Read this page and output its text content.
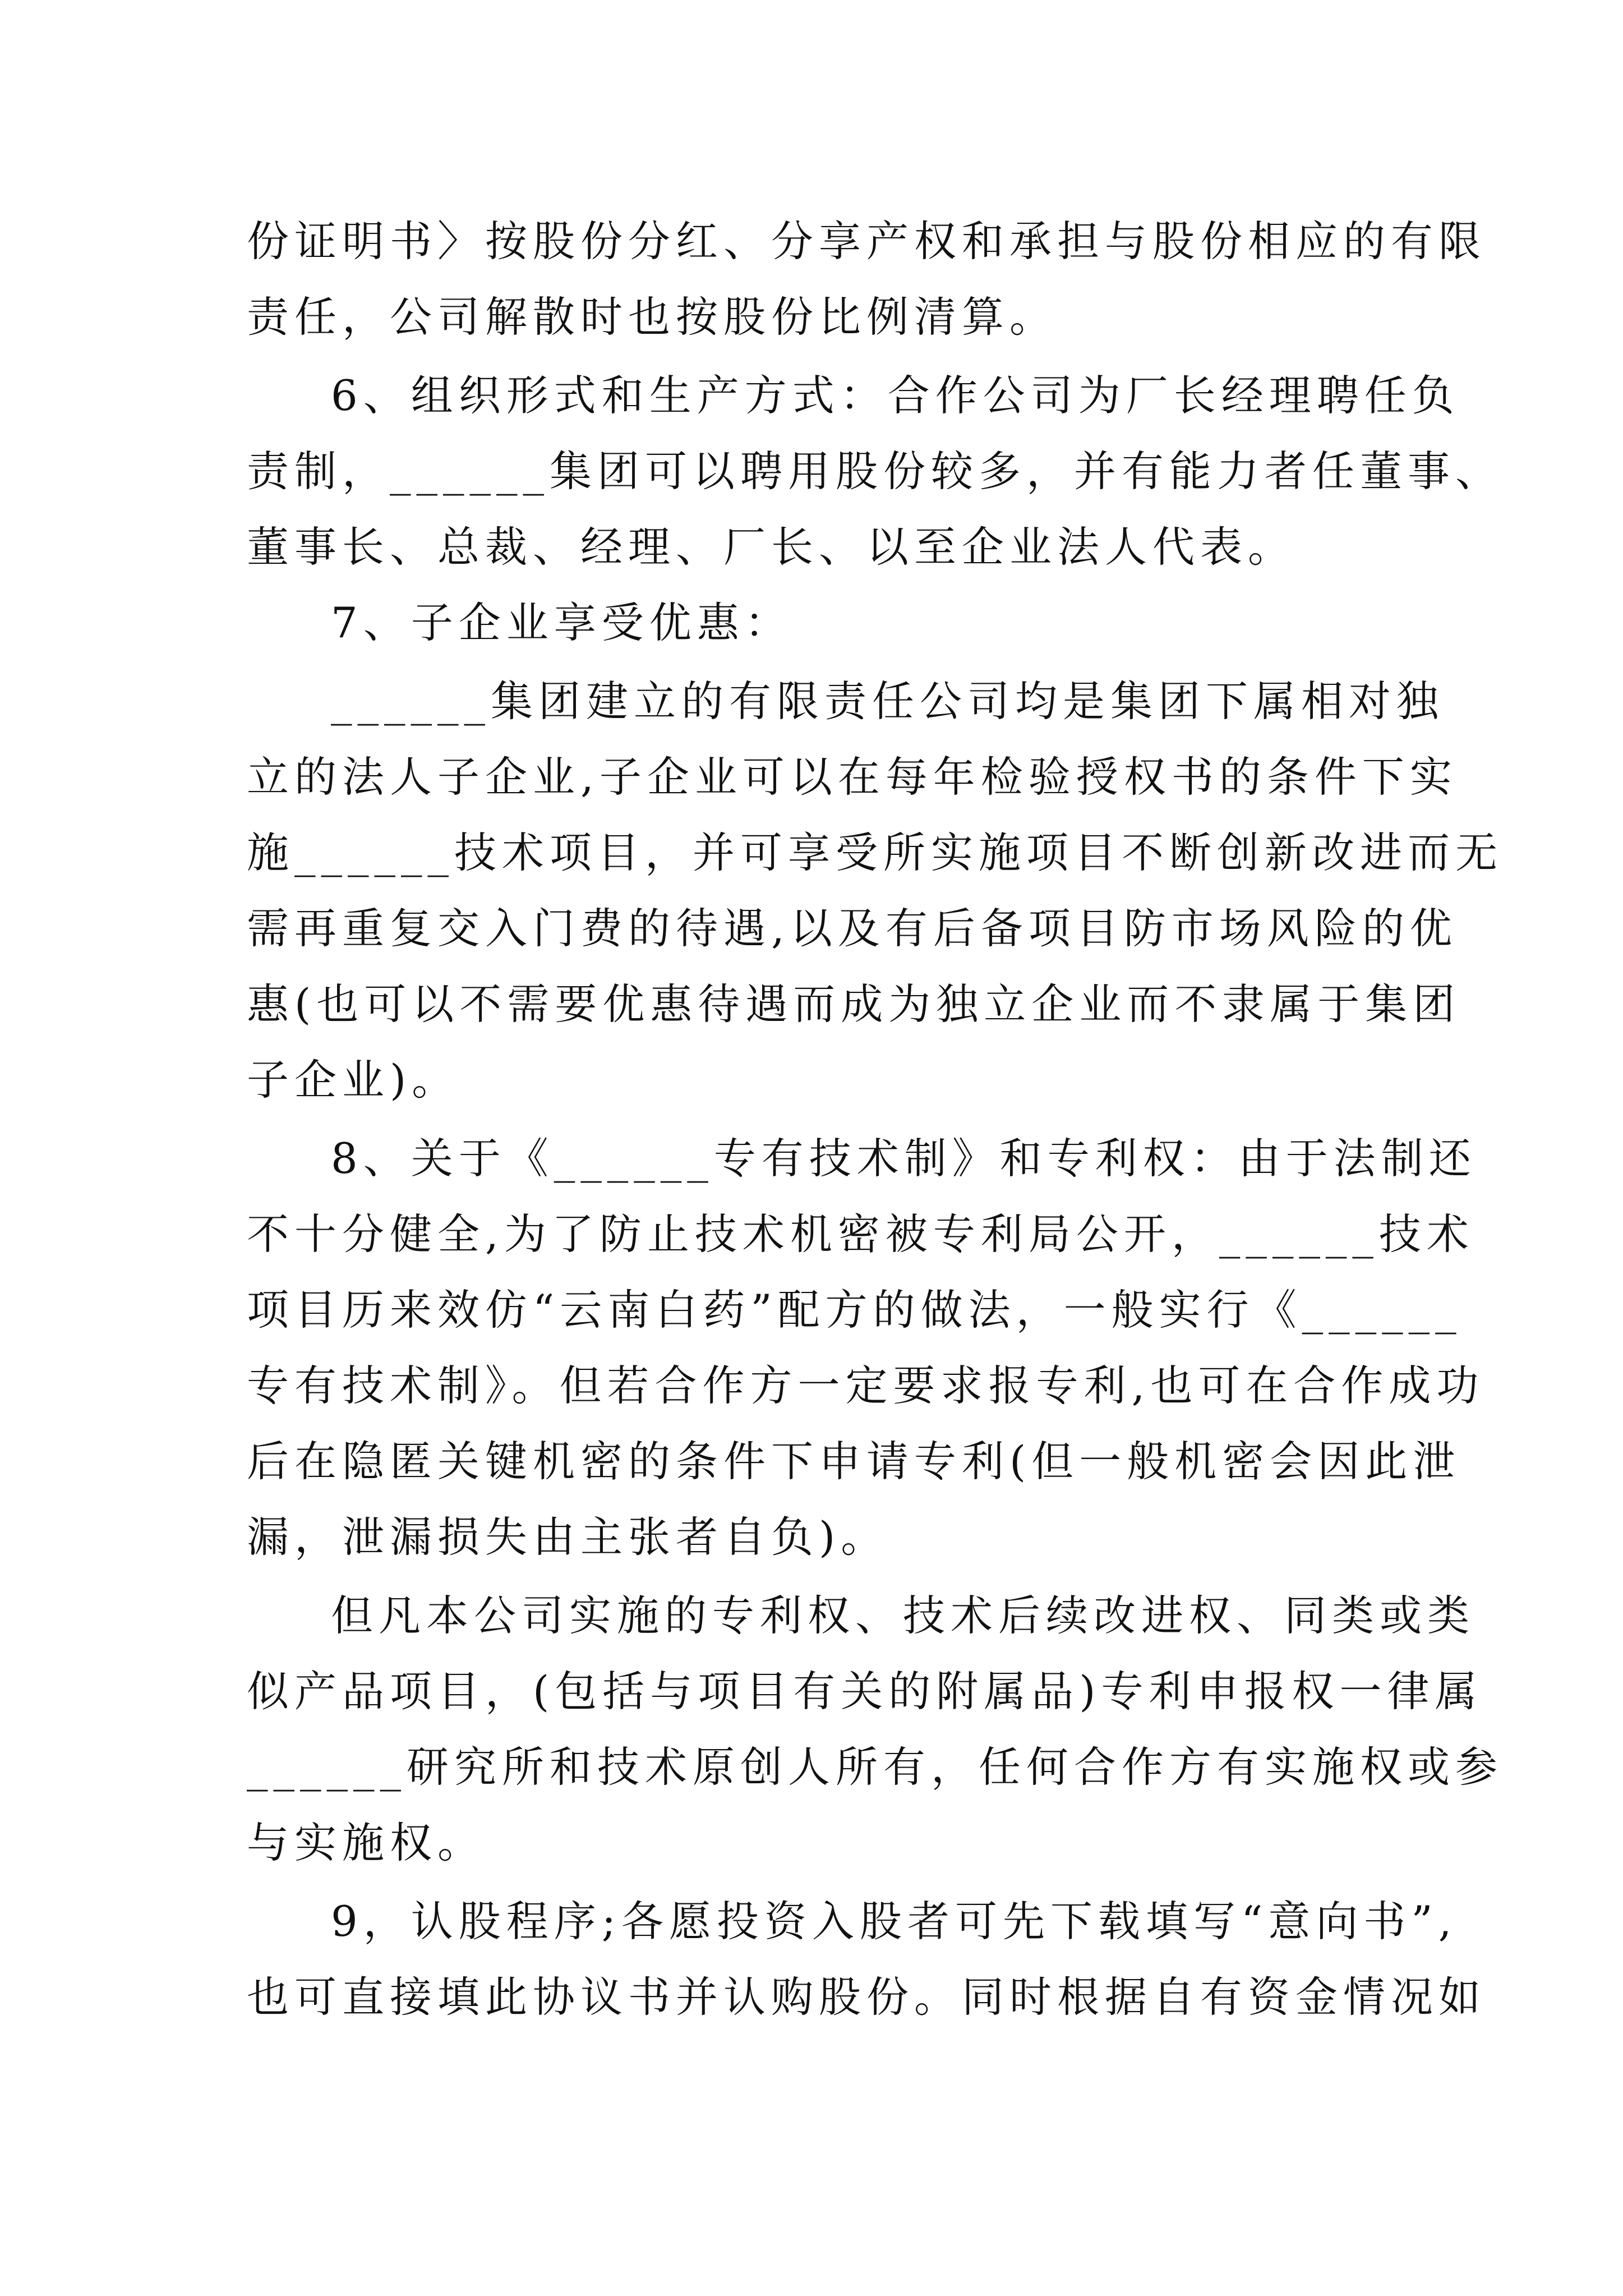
份证明书〉按股份分红、分享产权和承担与股份相应的有限
责任，公司解散时也按股份比例清算。
6、组织形式和生产方式：合作公司为厂长经理聘任负
责制，______集团可以聘用股份较多，并有能力者任董事、
董事长、总裁、经理、厂长、以至企业法人代表。
7、子企业享受优惠：
______集团建立的有限责任公司均是集团下属相对独
立的法人子企业,子企业可以在每年检验授权书的条件下实
施______技术项目，并可享受所实施项目不断创新改进而无
需再重复交入门费的待遇,以及有后备项目防市场风险的优
惠(也可以不需要优惠待遇而成为独立企业而不隶属于集团
子企业)。
8、关于《______专有技术制》和专利权：由于法制还
不十分健全,为了防止技术机密被专利局公开，______技术
项目历来效仿“云南白药”配方的做法，一般实行《______
专有技术制》。但若合作方一定要求报专利,也可在合作成功
后在隐匿关键机密的条件下申请专利(但一般机密会因此泄
漏，泄漏损失由主张者自负)。
但凡本公司实施的专利权、技术后续改进权、同类或类
似产品项目，(包括与项目有关的附属品)专利申报权一律属
______研究所和技术原创人所有，任何合作方有实施权或参
与实施权。
9，认股程序;各愿投资入股者可先下载填写“意向书”,
也可直接填此协议书并认购股份。同时根据自有资金情况如
